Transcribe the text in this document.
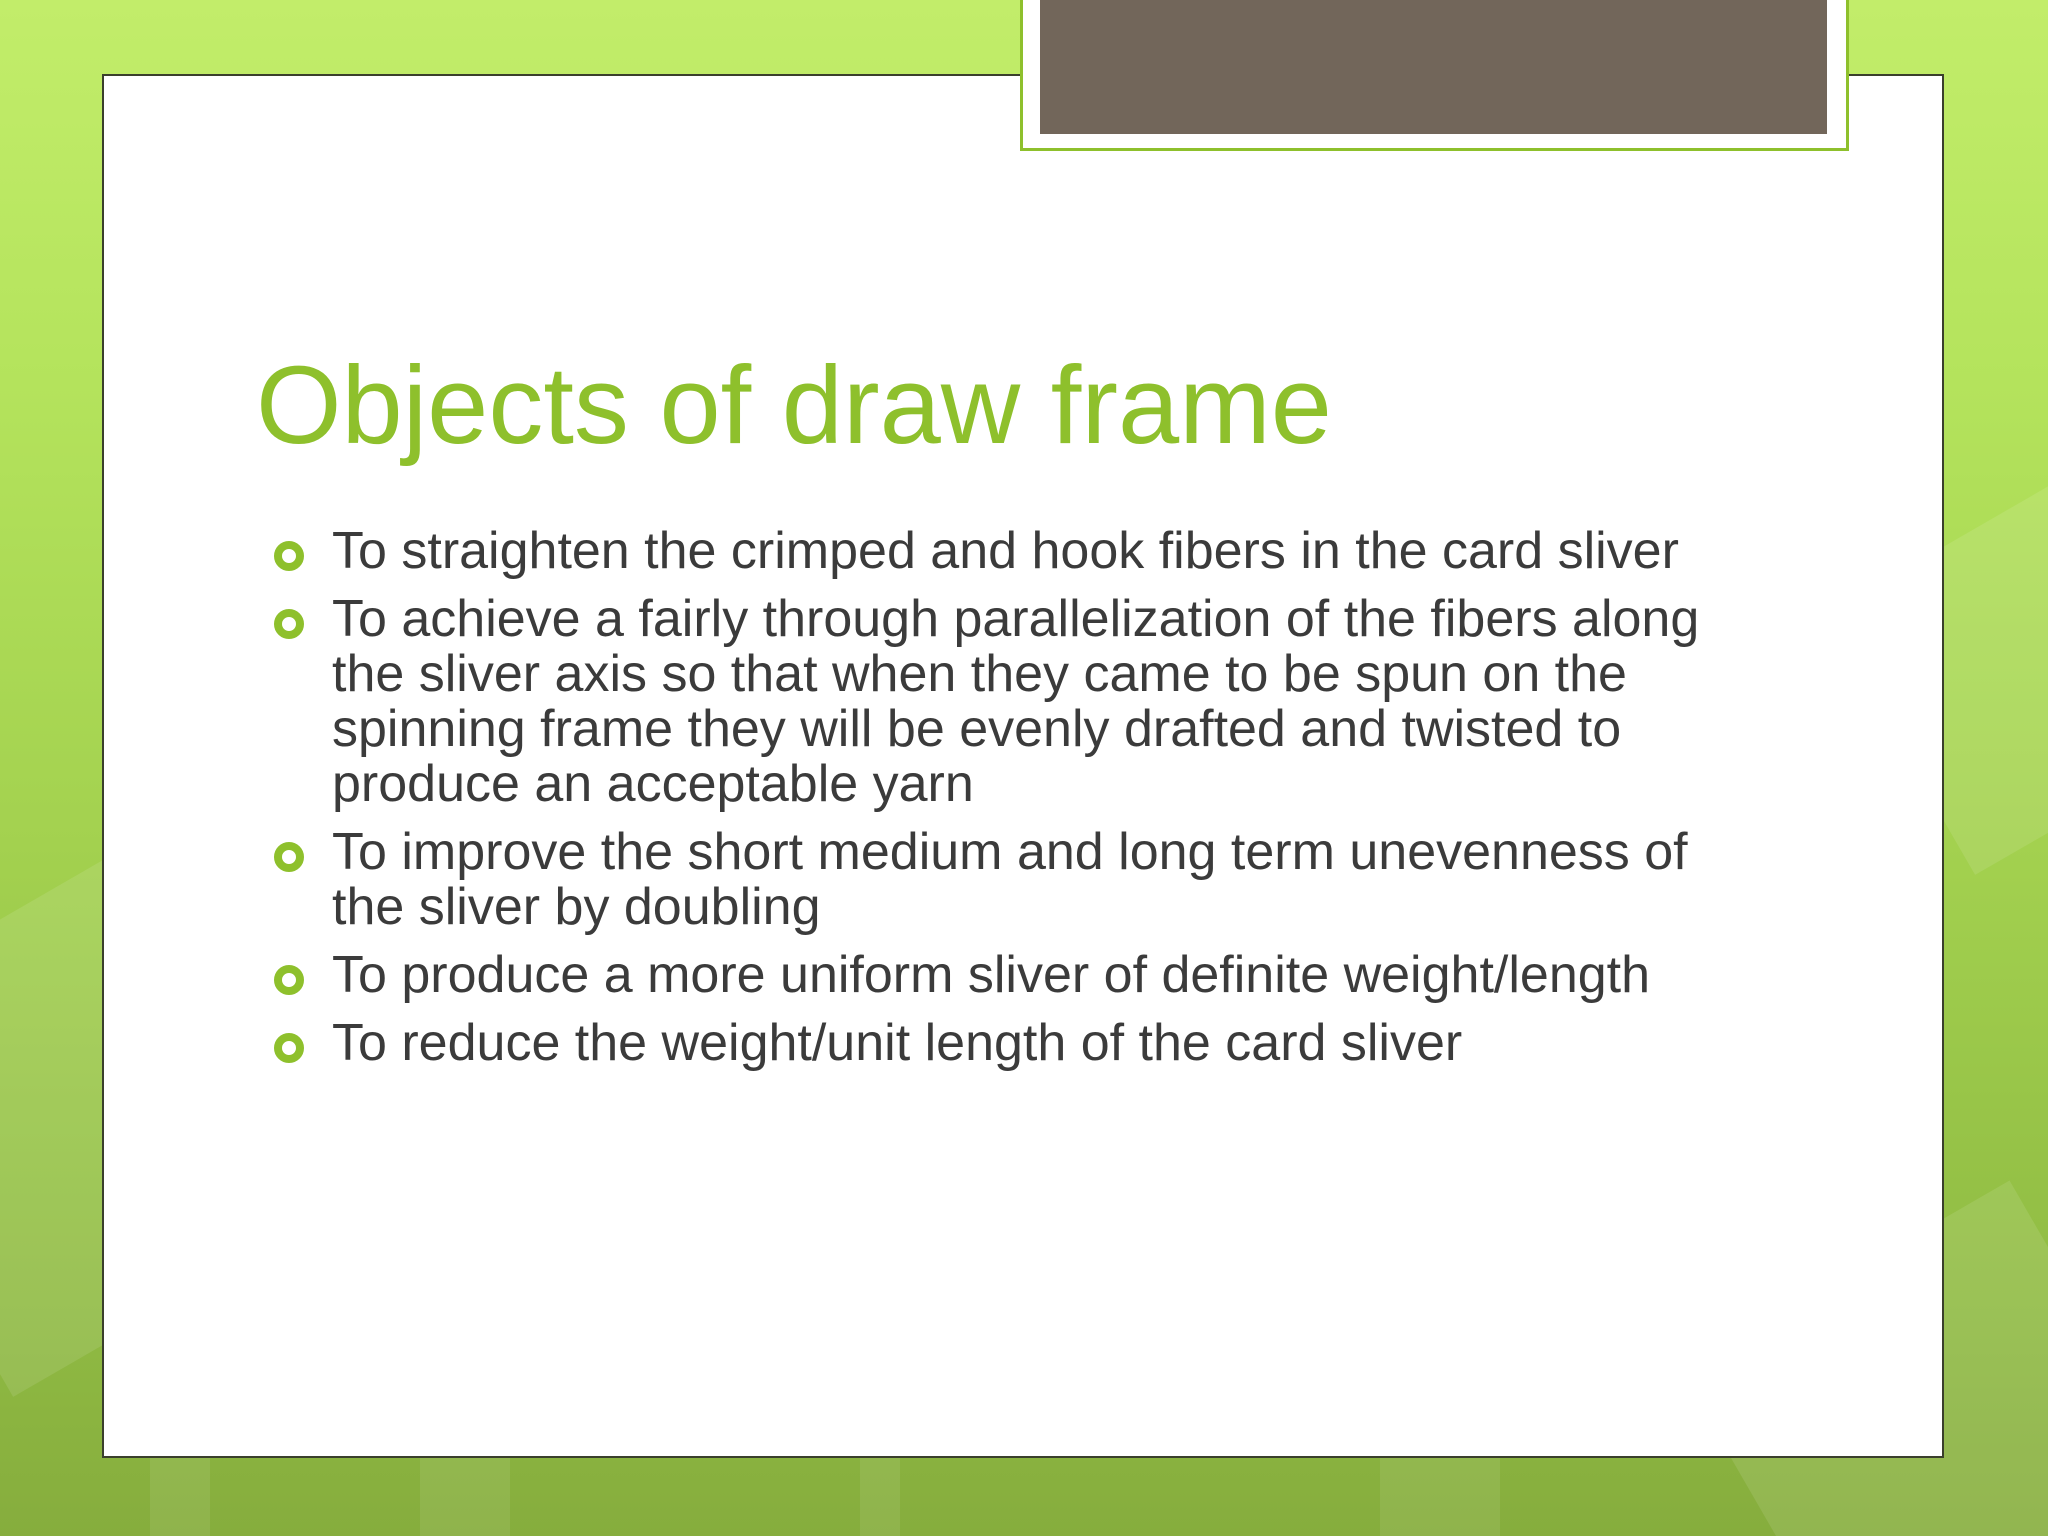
Objects of draw frame
To straighten the crimped and hook fibers in the card sliver
To achieve a fairly through parallelization of the fibers along the sliver axis so that when they came to be spun on the spinning frame they will be evenly drafted and twisted to produce an acceptable yarn
To improve the short medium and long term unevenness of the sliver by doubling
To produce a more uniform sliver of definite weight/length
To reduce the weight/unit length of the card sliver
